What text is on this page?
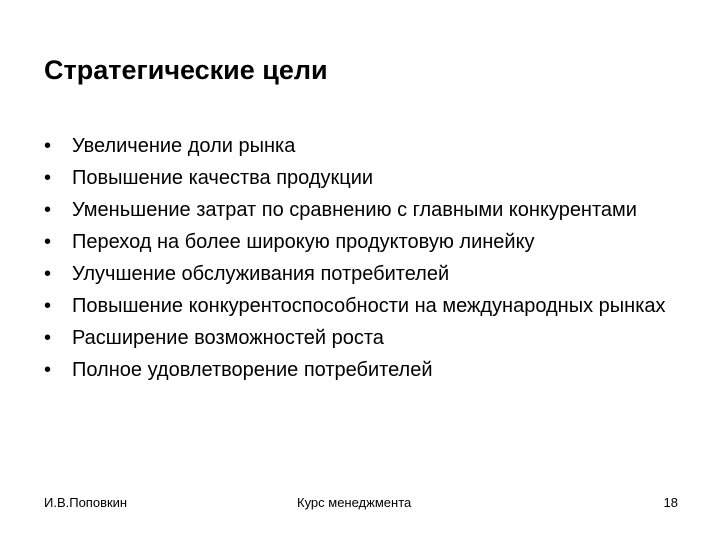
Стратегические цели
•	Увеличение доли рынка
•	Повышение качества продукции
•	Уменьшение затрат по сравнению с главными конкурентами
•	Переход на более широкую продуктовую линейку
•	Улучшение обслуживания потребителей
•	Повышение конкурентоспособности на международных рынках
•	Расширение возможностей роста
•	Полное удовлетворение потребителей
И.В.Поповкин	Курс менеджмента	18
